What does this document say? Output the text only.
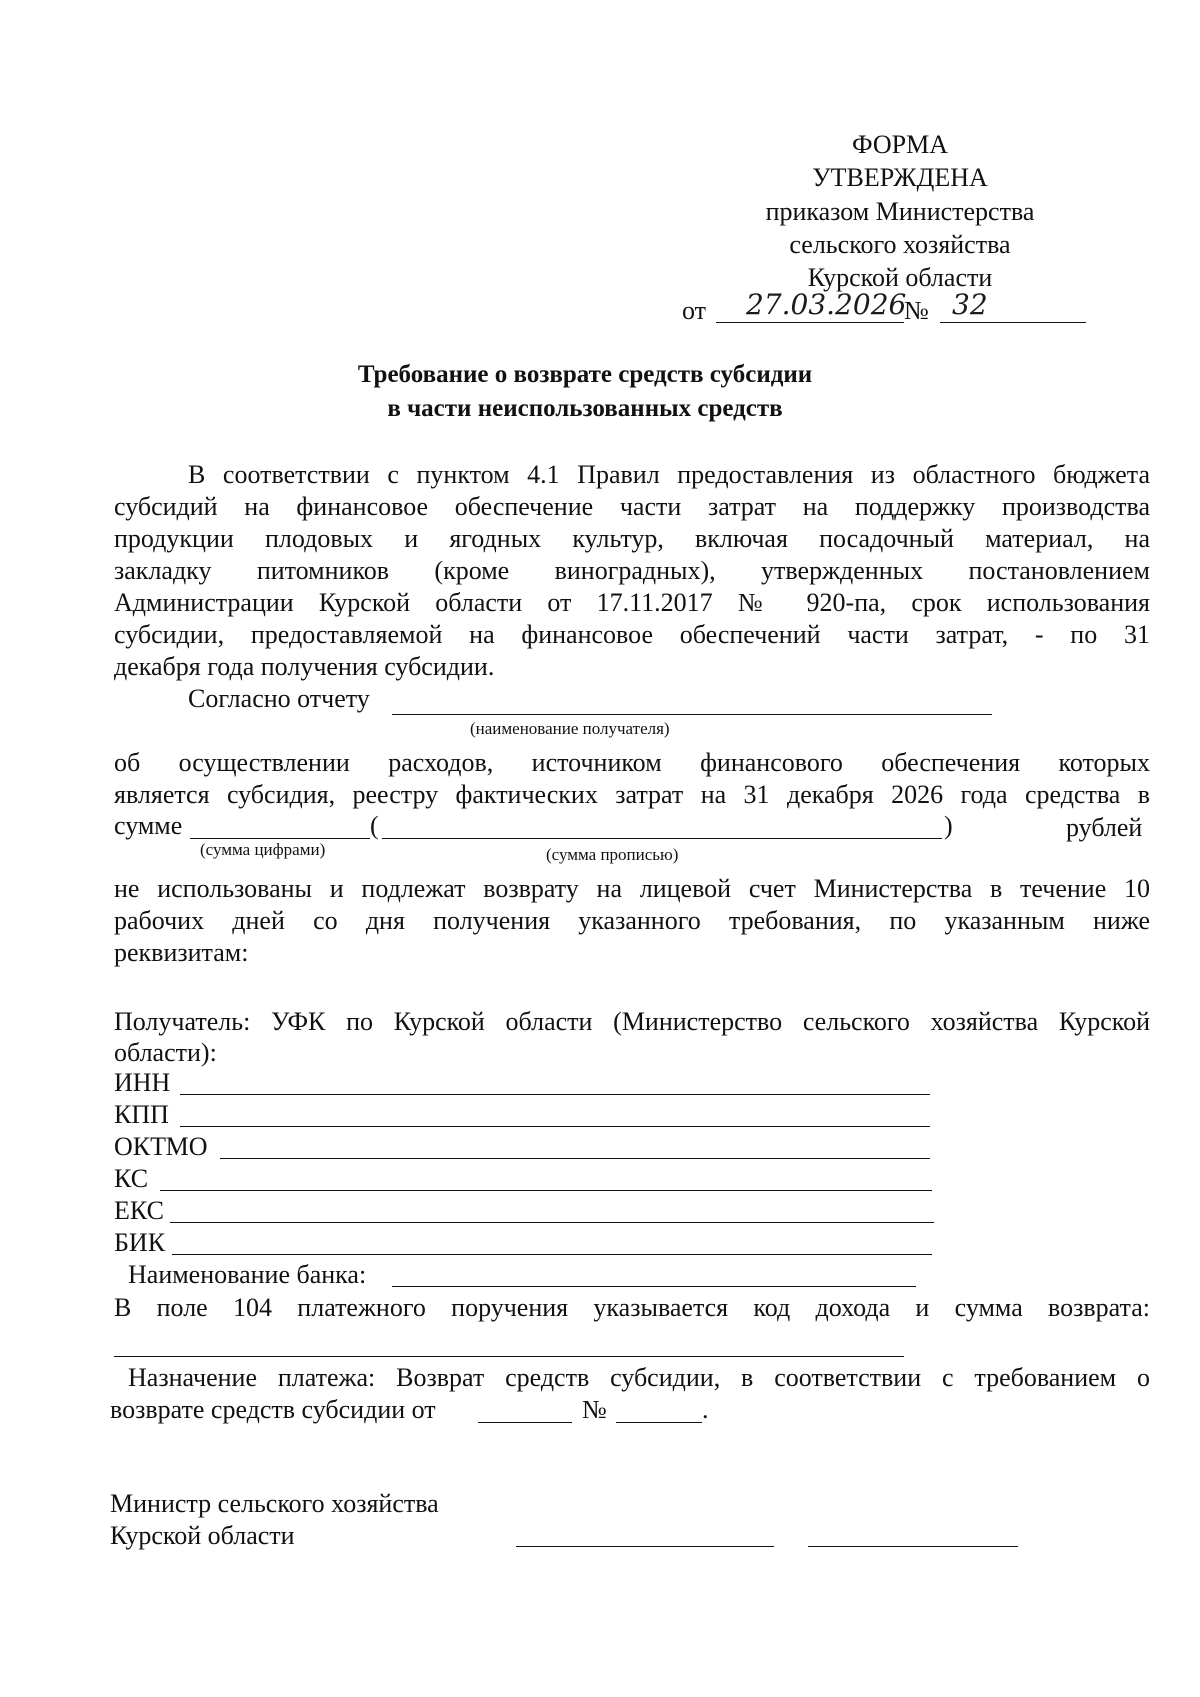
ФОРМА
УТВЕРЖДЕНА
приказом Министерства
сельского хозяйства
Курской области
от 27.03.2026
№ 32
Требование о возврате средств субсидии
в части неиспользованных средств
В соответствии с пунктом 4.1 Правил предоставления из областного бюджета
субсидий на финансовое обеспечение части затрат на поддержку производства
продукции плодовых и ягодных культур, включая посадочный материал, на
закладку питомников (кроме виноградных), утвержденных постановлением
Администрации Курской области от 17.11.2017 № 920-па, срок использования
субсидии, предоставляемой на финансовое обеспечений части затрат, - по 31
декабря года получения субсидии.
Согласно отчету
(наименование получателя)
об осуществлении расходов, источником финансового обеспечения которых
является субсидия, реестру фактических затрат на 31 декабря 2026 года средства в
сумме	(	)	рублей
(сумма цифрами)	(сумма прописью)
не использованы и подлежат возврату на лицевой счет Министерства в течение 10
рабочих дней со дня получения указанного требования, по указанным ниже
реквизитам:
Получатель: УФК по Курской области (Министерство сельского хозяйства Курской
области):
ИНН
КПП
ОКТМО
КС
ЕКС
БИК
Наименование банка:
В поле 104 платежного поручения указывается код дохода и сумма возврата:
Назначение платежа: Возврат средств субсидии, в соответствии с требованием о
возврате средств субсидии от	№	.
Министр сельского хозяйства
Курской области
